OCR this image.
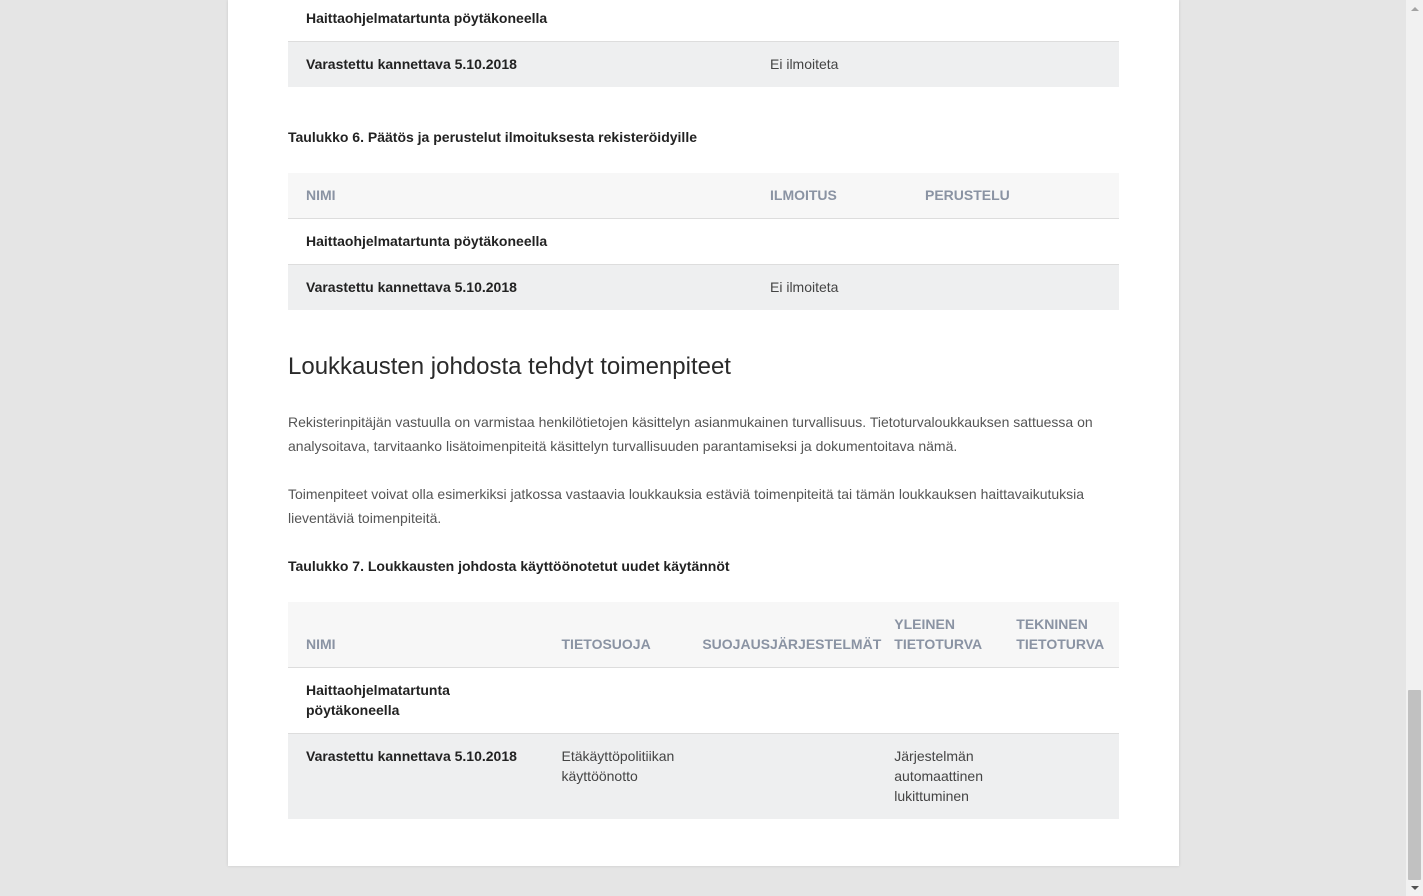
Haittaohjelmatartunta pöytäkoneella	
Varastettu kannettava 5.10.2018	Ei ilmoiteta

Taulukko 6. Päätös ja perustelut ilmoituksesta rekisteröidyille

NIMI	ILMOITUS	PERUSTELU
Haittaohjelmatartunta pöytäkoneella		
Varastettu kannettava 5.10.2018	Ei ilmoiteta	
Loukkausten johdosta tehdyt toimenpiteet

Rekisterinpitäjän vastuulla on varmistaa henkilötietojen käsittelyn asianmukainen turvallisuus. Tietoturvaloukkauksen sattuessa on analysoitava, tarvitaanko lisätoimenpiteitä käsittelyn turvallisuuden parantamiseksi ja dokumentoitava nämä.

Toimenpiteet voivat olla esimerkiksi jatkossa vastaavia loukkauksia estäviä toimenpiteitä tai tämän loukkauksen haittavaikutuksia lieventäviä toimenpiteitä.

Taulukko 7. Loukkausten johdosta käyttöönotetut uudet käytännöt

NIMI	TIETOSUOJA	SUOJAUSJÄRJESTELMÄT	YLEINEN TIETOTURVA	TEKNINEN TIETOTURVA
Haittaohjelmatartunta pöytäkoneella				
Varastettu kannettava 5.10.2018	Etäkäyttöpolitiikan käyttöönotto		Järjestelmän automaattinen lukittuminen	
